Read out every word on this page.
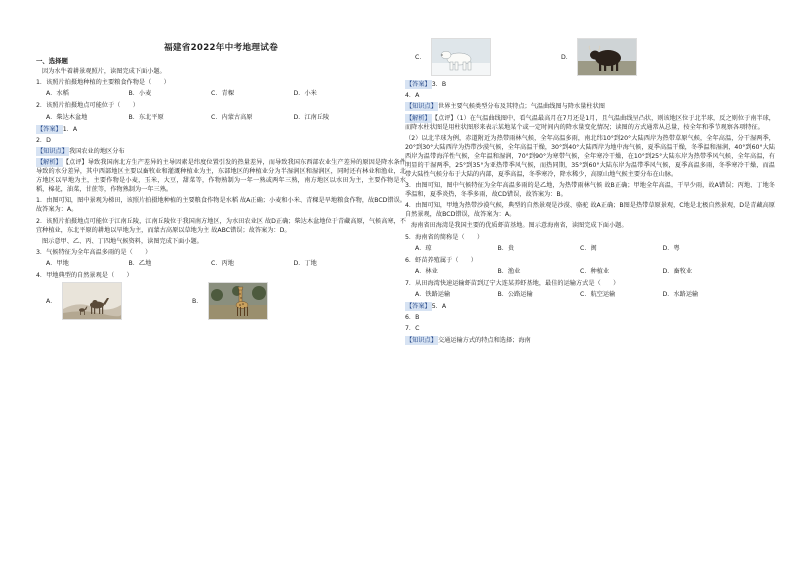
福建省2022年中考地理试卷
一、选择题

因为水牛着耕景观照片，读图完成下面小题。

1．该照片拍摄地种植的主要粮食作物是（　　）

A．水稻	B．小麦	C．青稞	D．小米

2．该照片拍摄地点可能位于（　　）

A．柴达木盆地	B．东北平原	C．内蒙古高原	D．江南丘陵

【答案】1．A

2．D

【知识点】我国农业的地区分布

【解析】【点评】导致我国南北方生产差异的主导因素是纬度位置引发的热量差异，而导致我国东西部农业生产差异的原因是降水条件导致的水分差异，其中西部地区主要以畜牧业和灌溉种植业为主，东部地区的种植业分为半湿润区和湿润区，同时还有林业和渔业，北方地区以旱地为主，主要作物是小麦，玉米，大豆，甜菜等，作物熟制为一年一熟或两年三熟，南方地区以水田为主，主要作物是水稻，棉花，油菜，甘蔗等，作物熟制为一年三熟。

1．由图可知，图中景观为梯田，该照片拍摄地种植的主要粮食作物是水稻 故A正确；小麦和小米、青稞是旱地粮食作物，故BCD错误。故答案为：A。

2．该照片拍摄地点可能位于江南丘陵，江南丘陵位于我国南方地区，为水田农业区 故D正确；柴达木盆地位于青藏高原，气候高寒，不宜种植业，东北平原的耕地以旱地为主，而蒙古高原以草地为主 故ABC错误；故答案为：D。

图示意甲、乙、丙、丁四地气候资料，读图完成下面小题。

3．气候特征为全年高温多雨的是（　　）

A．甲地	B．乙地	C．丙地	D．丁地

4．甲地典型的自然景观是（　　）

A．	B．
C．	D．

【答案】3．B

4．A

【知识点】世界主要气候类型分布及其特点；气温曲线图与降水量柱状图

【解析】【点评】（1）在气温曲线图中，看气温最高月在7月还是1月，且气温曲线呈凸状，则该地区位于北半球，反之则位于南半球，而降水柱状图是用柱状图形来表示某地某个或一定时间内的降水量变化情况；读图的方式通常从总量，按全年和季节观察各项特征。

（2）以北半球为例，赤道附近为热带雨林气候，全年高温多雨，南北纬10°到20°大陆西岸为热带草原气候，全年高温，分干湿两季，20°到30°大陆西岸为热带沙漠气候，全年高温干燥，30°到40°大陆西岸为地中海气候，夏季高温干燥，冬季温和湿润，40°到60°大陆西岸为温带海洋性气候，全年温和湿润，70°到90°为寒带气候，全年寒冷干燥，在10°到25°大陆东岸为热带季风气候，全年高温，有明显的干湿两季，25°到35°为亚热带季风气候，而热同期，35°到60°大陆东岸为温带季风气候，夏季高温多雨，冬季寒冷干燥，而温带大陆性气候分布于大陆的内部，夏季高温，冬季寒冷，降水稀少，高原山地气候主要分布在山脉。

3．由图可知，图中气候特征为全年高温多雨的是乙地，为热带雨林气候 故B正确；甲地全年高温，干旱少雨，故A错误；丙地、丁地冬季温和，夏季炎热，冬季多雨，故CD错误，故答案为：B。

4．由图可知，甲地为热带沙漠气候，典型的自然景观是沙漠、骆驼 故A正确；B图是热带草原景观，C地是北极自然景观，D是青藏高原自然景观，故BCD错误，故答案为：A。

海南省田海湾是我国主要的优质虾苗基地。图示意海南省，读图完成下面小题。

5．海南省的简称是（　　）

A．琼	B．贵	C．闽	D．粤

6．虾苗养殖属于（　　）

A．林业	B．渔业	C．种植业	D．畜牧业

7．从田海湾快速运输虾苗到辽宁大连某养虾基地，最佳的运输方式是（　　）

A．铁路运输	B．公路运输	C．航空运输	D．水路运输

【答案】5．A

6．B

7．C

【知识点】交通运输方式的特点和选择；海南
